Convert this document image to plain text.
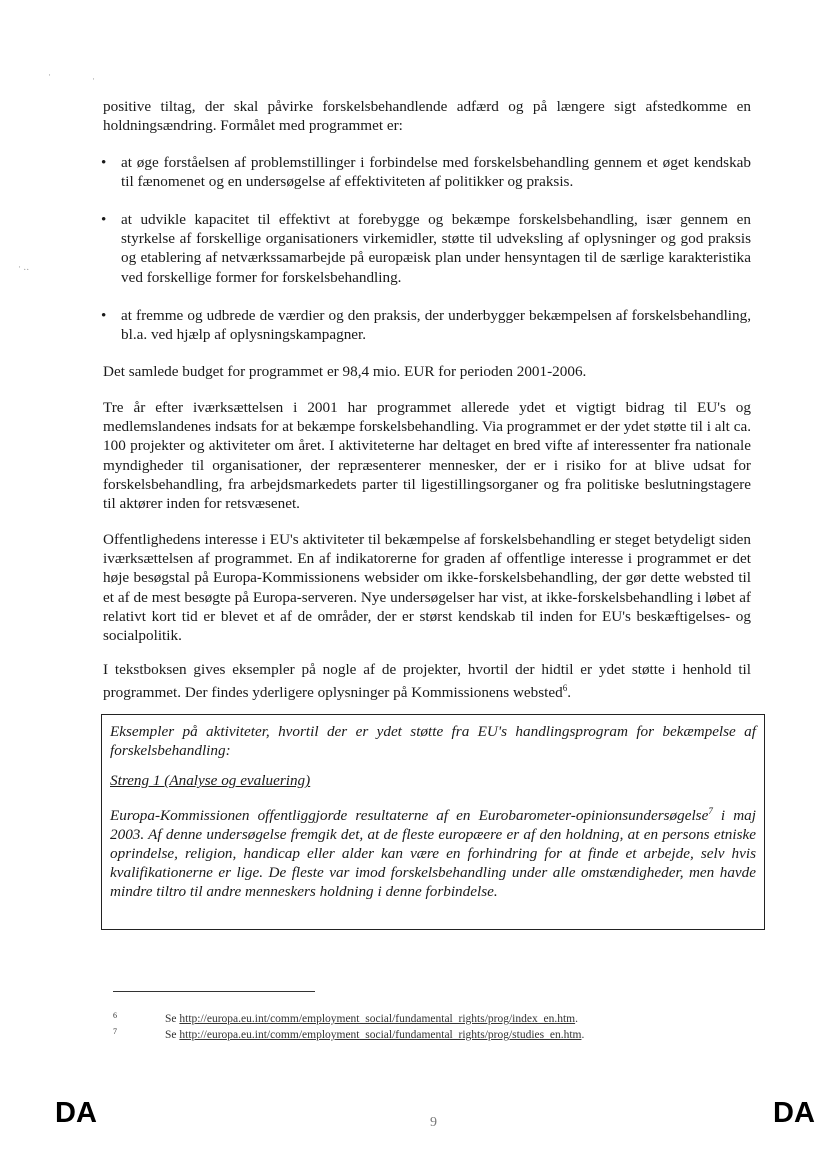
·	·
· ‥
positive tiltag, der skal påvirke forskelsbehandlende adfærd og på længere sigt afstedkomme en holdningsændring. Formålet med programmet er:
• at øge forståelsen af problemstillinger i forbindelse med forskelsbehandling gennem et øget kendskab til fænomenet og en undersøgelse af effektiviteten af politikker og praksis.
• at udvikle kapacitet til effektivt at forebygge og bekæmpe forskelsbehandling, især gennem en styrkelse af forskellige organisationers virkemidler, støtte til udveksling af oplysninger og god praksis og etablering af netværkssamarbejde på europæisk plan under hensyntagen til de særlige karakteristika ved forskellige former for forskelsbehandling.
• at fremme og udbrede de værdier og den praksis, der underbygger bekæmpelsen af forskelsbehandling, bl.a. ved hjælp af oplysningskampagner.
Det samlede budget for programmet er 98,4 mio. EUR for perioden 2001-2006.
Tre år efter iværksættelsen i 2001 har programmet allerede ydet et vigtigt bidrag til EU's og medlemslandenes indsats for at bekæmpe forskelsbehandling. Via programmet er der ydet støtte til i alt ca. 100 projekter og aktiviteter om året. I aktiviteterne har deltaget en bred vifte af interessenter fra nationale myndigheder til organisationer, der repræsenterer mennesker, der er i risiko for at blive udsat for forskelsbehandling, fra arbejdsmarkedets parter til ligestillingsorganer og fra politiske beslutningstagere til aktører inden for retsvæsenet.
Offentlighedens interesse i EU's aktiviteter til bekæmpelse af forskelsbehandling er steget betydeligt siden iværksættelsen af programmet. En af indikatorerne for graden af offentlige interesse i programmet er det høje besøgstal på Europa-Kommissionens websider om ikke-forskelsbehandling, der gør dette websted til et af de mest besøgte på Europa-serveren. Nye undersøgelser har vist, at ikke-forskelsbehandling i løbet af relativt kort tid er blevet et af de områder, der er størst kendskab til inden for EU's beskæftigelses- og socialpolitik.
I tekstboksen gives eksempler på nogle af de projekter, hvortil der hidtil er ydet støtte i henhold til programmet. Der findes yderligere oplysninger på Kommissionens websted$^6$.
Eksempler på aktiviteter, hvortil der er ydet støtte fra EU's handlingsprogram for bekæmpelse af forskelsbehandling:
Streng 1 (Analyse og evaluering)
Europa-Kommissionen offentliggjorde resultaterne af en Eurobarometer-opinionsundersøgelse$^7$ i maj 2003. Af denne undersøgelse fremgik det, at de fleste europæere er af den holdning, at en persons etniske oprindelse, religion, handicap eller alder kan være en forhindring for at finde et arbejde, selv hvis kvalifikationerne er lige. De fleste var imod forskelsbehandling under alle omstændigheder, men havde mindre tiltro til andre menneskers holdning i denne forbindelse.
6	Se http://europa.eu.int/comm/employment_social/fundamental_rights/prog/index_en.htm.
7	Se http://europa.eu.int/comm/employment_social/fundamental_rights/prog/studies_en.htm.
DA	9	DA
